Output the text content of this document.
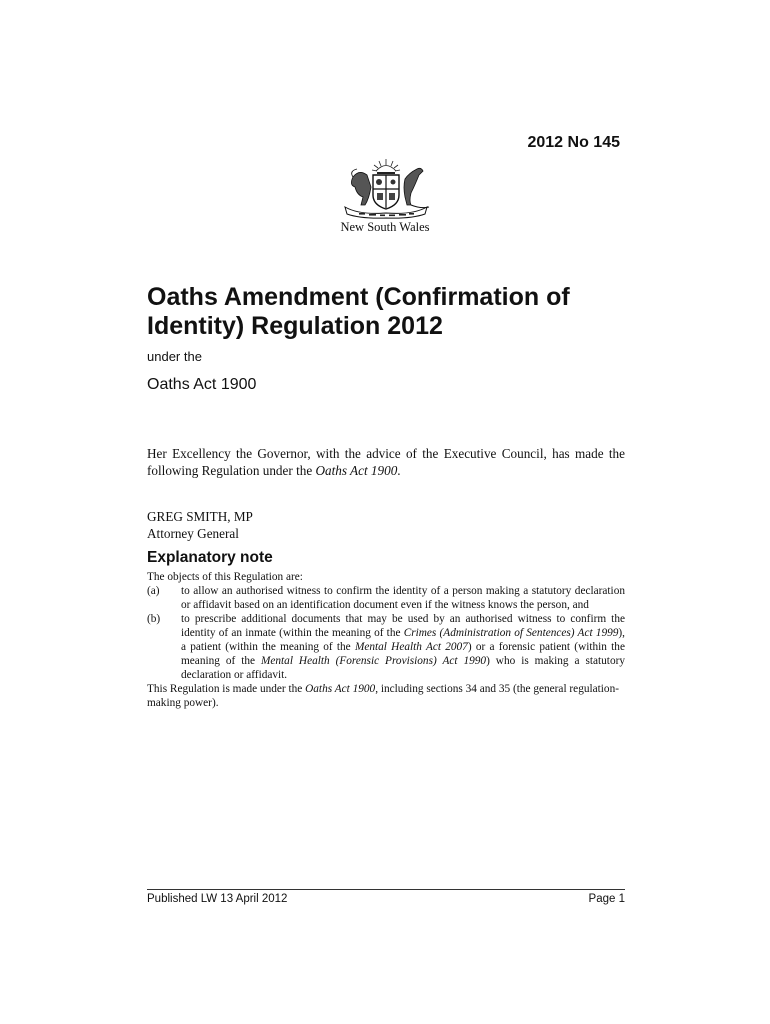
2012 No 145
New South Wales
Oaths Amendment (Confirmation of
Identity) Regulation 2012
under the
Oaths Act 1900
Her Excellency the Governor, with the advice of the Executive Council, has made the following Regulation under the Oaths Act 1900.
GREG SMITH, MP
Attorney General
Explanatory note

The objects of this Regulation are:

(a)	to allow an authorised witness to confirm the identity of a person making a statutory declaration or affidavit based on an identification document even if the witness knows the person, and
(b)	to prescribe additional documents that may be used by an authorised witness to confirm the identity of an inmate (within the meaning of the Crimes (Administration of Sentences) Act 1999), a patient (within the meaning of the Mental Health Act 2007) or a forensic patient (within the meaning of the Mental Health (Forensic Provisions) Act 1990) who is making a statutory declaration or affidavit.

This Regulation is made under the Oaths Act 1900, including sections 34 and 35 (the general regulation-making power).

Published LW 13 April 2012	Page 1
